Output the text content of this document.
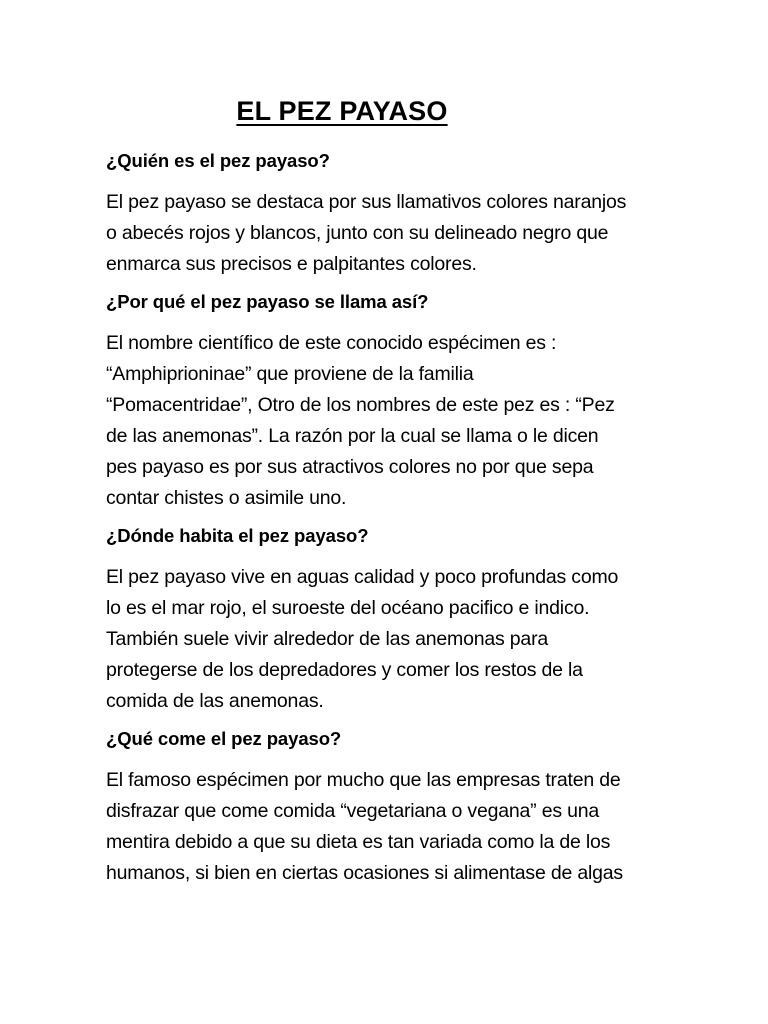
EL PEZ PAYASO
¿Quién es el pez payaso?
El pez payaso se destaca por sus llamativos colores naranjos
o abecés rojos y blancos, junto con su delineado negro que
enmarca sus precisos e palpitantes colores.
¿Por qué el pez payaso se llama así?
El nombre científico de este conocido espécimen es :
“Amphiprioninae” que proviene de la familia
“Pomacentridae”, Otro de los nombres de este pez es : “Pez
de las anemonas”. La razón por la cual se llama o le dicen
pes payaso es por sus atractivos colores no por que sepa
contar chistes o asimile uno.
¿Dónde habita el pez payaso?
El pez payaso vive en aguas calidad y poco profundas como
lo es el mar rojo, el suroeste del océano pacifico e indico.
También suele vivir alrededor de las anemonas para
protegerse de los depredadores y comer los restos de la
comida de las anemonas.
¿Qué come el pez payaso?
El famoso espécimen por mucho que las empresas traten de
disfrazar que come comida “vegetariana o vegana” es una
mentira debido a que su dieta es tan variada como la de los
humanos, si bien en ciertas ocasiones si alimentase de algas
